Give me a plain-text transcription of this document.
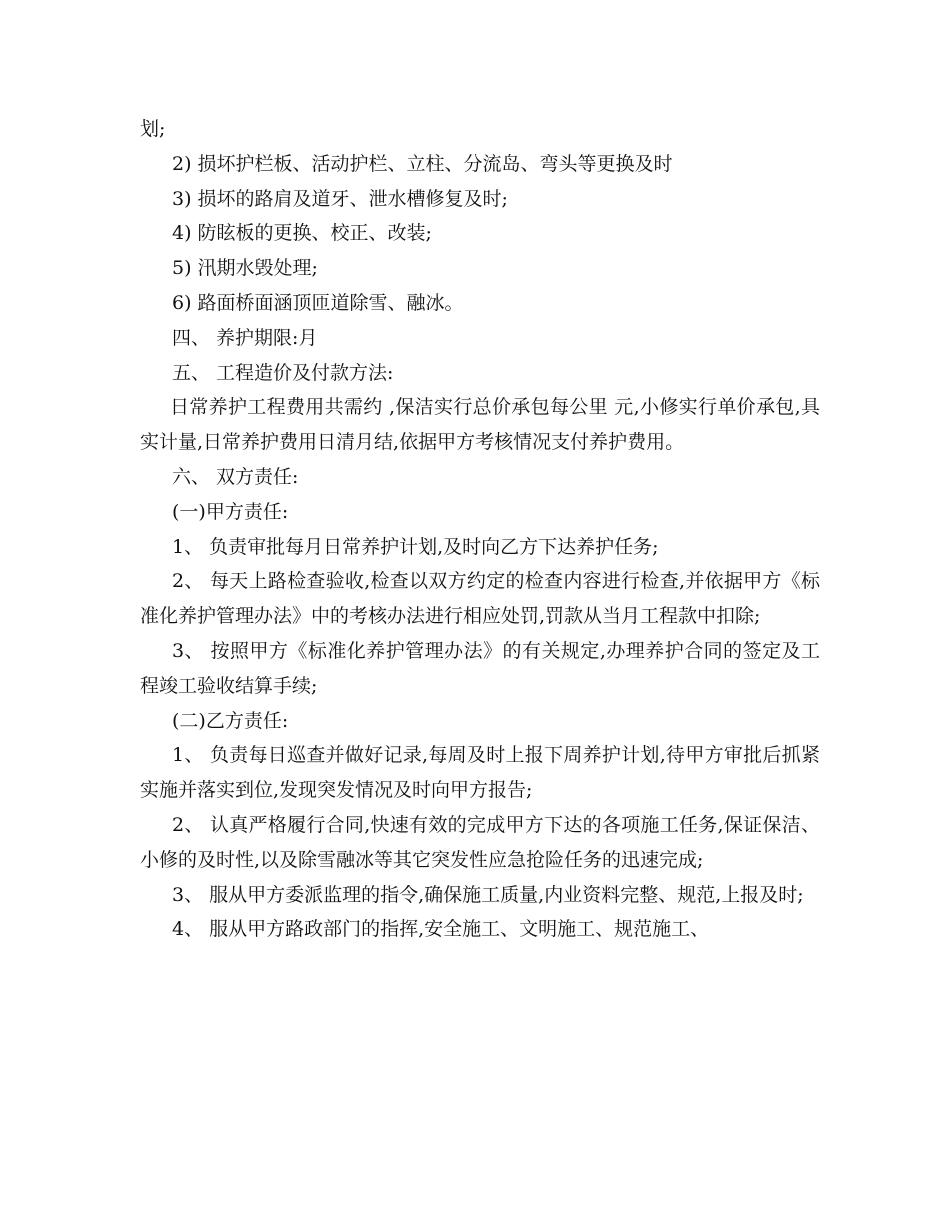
划;

2) 损坏护栏板、活动护栏、立柱、分流岛、弯头等更换及时

3) 损坏的路肩及道牙、泄水槽修复及时;

4) 防眩板的更换、校正、改装;

5) 汛期水毁处理;

6) 路面桥面涵顶匝道除雪、融冰。

四、 养护期限:月

五、 工程造价及付款方法:

日常养护工程费用共需约 ,保洁实行总价承包每公里 元,小修实行单价承包,具实计量,日常养护费用日清月结,依据甲方考核情况支付养护费用。

六、 双方责任:

(一)甲方责任:

1、 负责审批每月日常养护计划,及时向乙方下达养护任务;

2、 每天上路检查验收,检查以双方约定的检查内容进行检查,并依据甲方《标准化养护管理办法》中的考核办法进行相应处罚,罚款从当月工程款中扣除;

3、 按照甲方《标准化养护管理办法》的有关规定,办理养护合同的签定及工程竣工验收结算手续;

(二)乙方责任:

1、 负责每日巡查并做好记录,每周及时上报下周养护计划,待甲方审批后抓紧实施并落实到位,发现突发情况及时向甲方报告;

2、 认真严格履行合同,快速有效的完成甲方下达的各项施工任务,保证保洁、小修的及时性,以及除雪融冰等其它突发性应急抢险任务的迅速完成;

3、 服从甲方委派监理的指令,确保施工质量,内业资料完整、规范,上报及时;

4、 服从甲方路政部门的指挥,安全施工、文明施工、规范施工、
